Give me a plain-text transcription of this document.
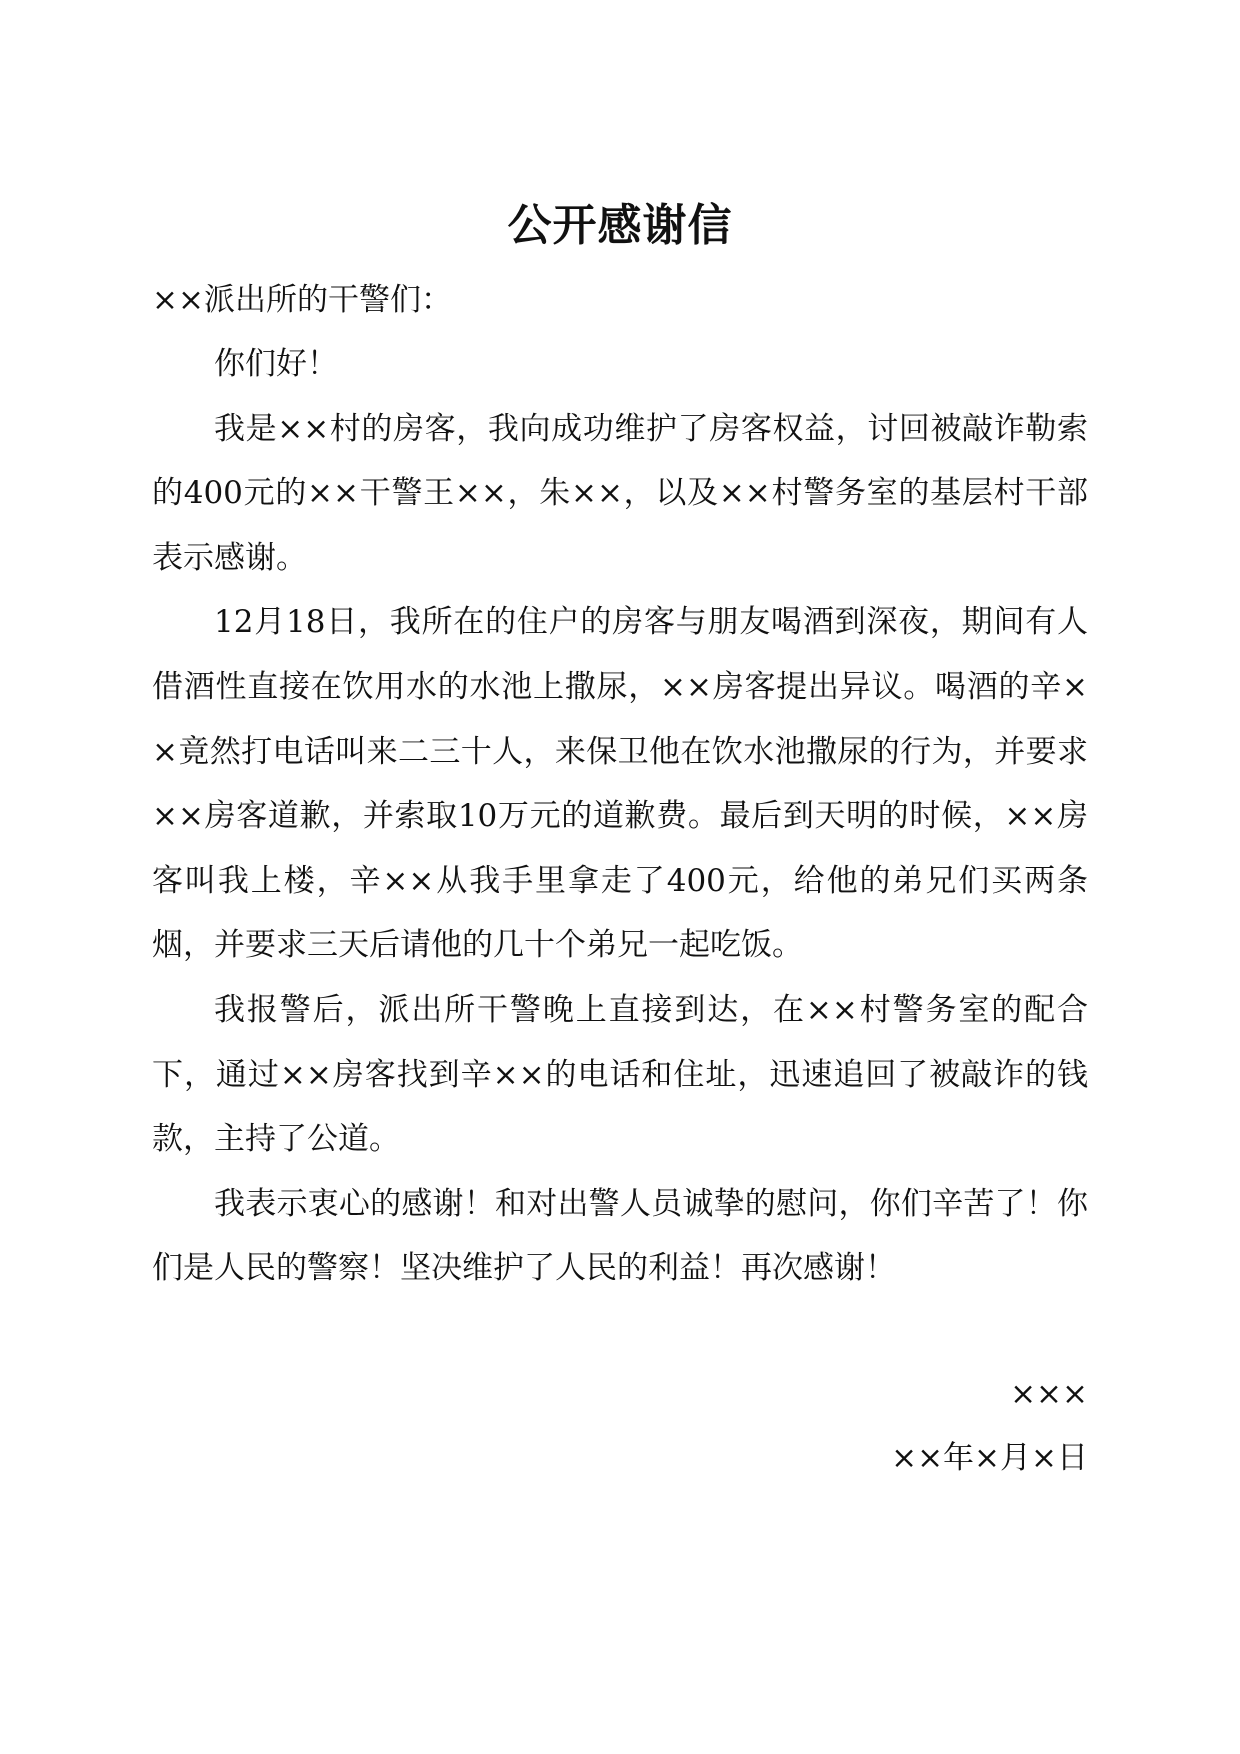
公开感谢信
××派出所的干警们：

你们好！

我是××村的房客，我向成功维护了房客权益，讨回被敲诈勒索的400元的××干警王××，朱××，以及××村警务室的基层村干部表示感谢。

12月18日，我所在的住户的房客与朋友喝酒到深夜，期间有人借酒性直接在饮用水的水池上撒尿，××房客提出异议。喝酒的辛××竟然打电话叫来二三十人，来保卫他在饮水池撒尿的行为，并要求××房客道歉，并索取10万元的道歉费。最后到天明的时候，××房客叫我上楼，辛××从我手里拿走了400元，给他的弟兄们买两条烟，并要求三天后请他的几十个弟兄一起吃饭。

我报警后，派出所干警晚上直接到达，在××村警务室的配合下，通过××房客找到辛××的电话和住址，迅速追回了被敲诈的钱款，主持了公道。

我表示衷心的感谢！和对出警人员诚挚的慰问，你们辛苦了！你们是人民的警察！坚决维护了人民的利益！再次感谢！

×××
××年×月×日
